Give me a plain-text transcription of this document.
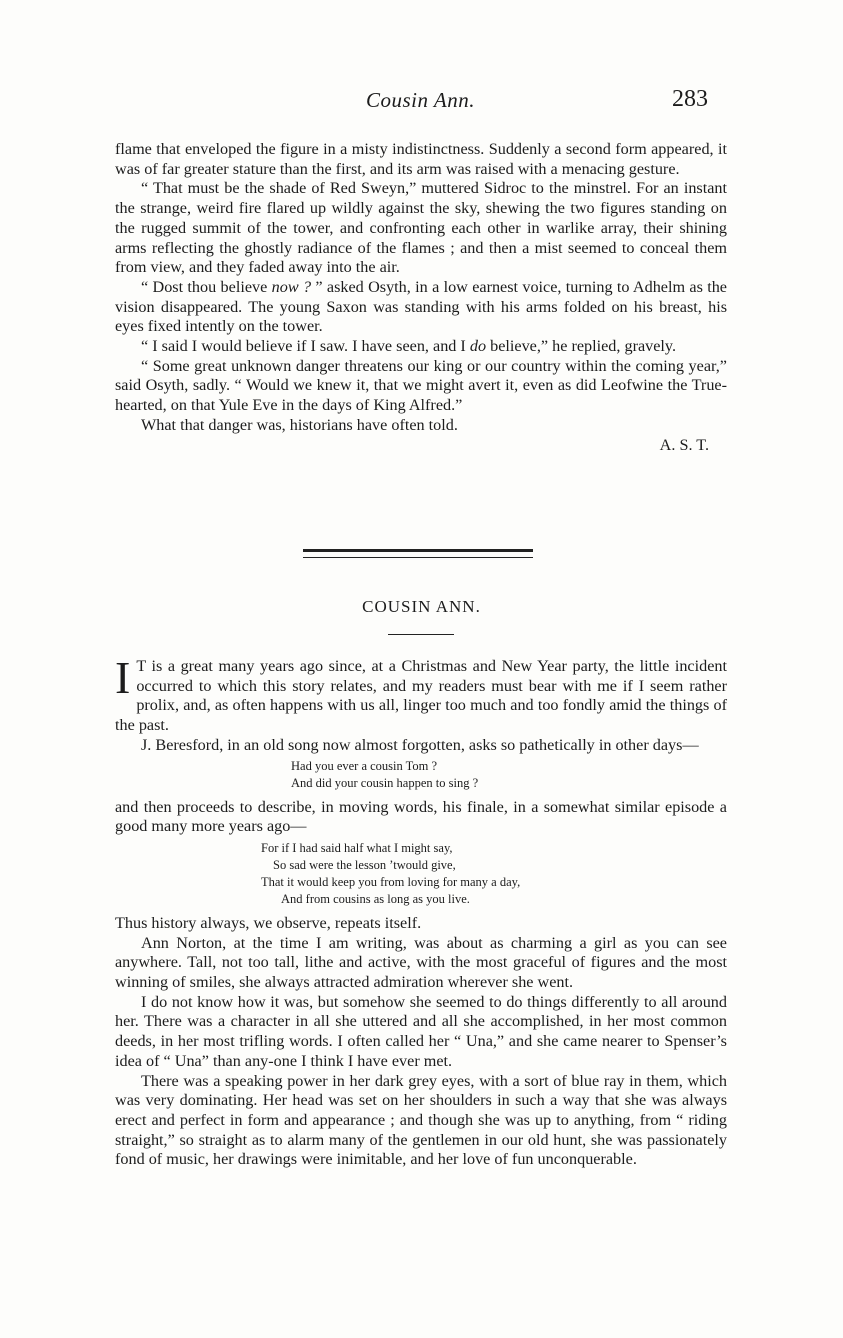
Cousin Ann.	283

flame that enveloped the figure in a misty indistinctness. Suddenly a second form appeared, it was of far greater stature than the first, and its arm was raised with a menacing gesture.

“ That must be the shade of Red Sweyn,” muttered Sidroc to the minstrel. For an instant the strange, weird fire flared up wildly against the sky, shewing the two figures standing on the rugged summit of the tower, and confronting each other in warlike array, their shining arms reflecting the ghostly radiance of the flames ; and then a mist seemed to conceal them from view, and they faded away into the air.

“ Dost thou believe now ? ” asked Osyth, in a low earnest voice, turning to Adhelm as the vision disappeared. The young Saxon was standing with his arms folded on his breast, his eyes fixed intently on the tower.

“ I said I would believe if I saw. I have seen, and I do believe,” he replied, gravely.

“ Some great unknown danger threatens our king or our country within the coming year,” said Osyth, sadly. “ Would we knew it, that we might avert it, even as did Leofwine the True-hearted, on that Yule Eve in the days of King Alfred.”

What that danger was, historians have often told.

A. S. T.

COUSIN ANN.

I T is a great many years ago since, at a Christmas and New Year party, the little incident occurred to which this story relates, and my readers must bear with me if I seem rather prolix, and, as often happens with us all, linger too much and too fondly amid the things of the past.

J. Beresford, in an old song now almost forgotten, asks so pathetically in other days—

Had you ever a cousin Tom ?
And did your cousin happen to sing ?

and then proceeds to describe, in moving words, his finale, in a somewhat similar episode a good many more years ago—

For if I had said half what I might say,
So sad were the lesson ’twould give,
That it would keep you from loving for many a day,
And from cousins as long as you live.

Thus history always, we observe, repeats itself.

Ann Norton, at the time I am writing, was about as charming a girl as you can see anywhere. Tall, not too tall, lithe and active, with the most graceful of figures and the most winning of smiles, she always attracted admiration wherever she went.

I do not know how it was, but somehow she seemed to do things differently to all around her. There was a character in all she uttered and all she accomplished, in her most common deeds, in her most trifling words. I often called her “ Una,” and she came nearer to Spenser’s idea of “ Una” than any-one I think I have ever met.

There was a speaking power in her dark grey eyes, with a sort of blue ray in them, which was very dominating. Her head was set on her shoulders in such a way that she was always erect and perfect in form and appearance ; and though she was up to anything, from “ riding straight,” so straight as to alarm many of the gentlemen in our old hunt, she was passionately fond of music, her drawings were inimitable, and her love of fun unconquerable.
